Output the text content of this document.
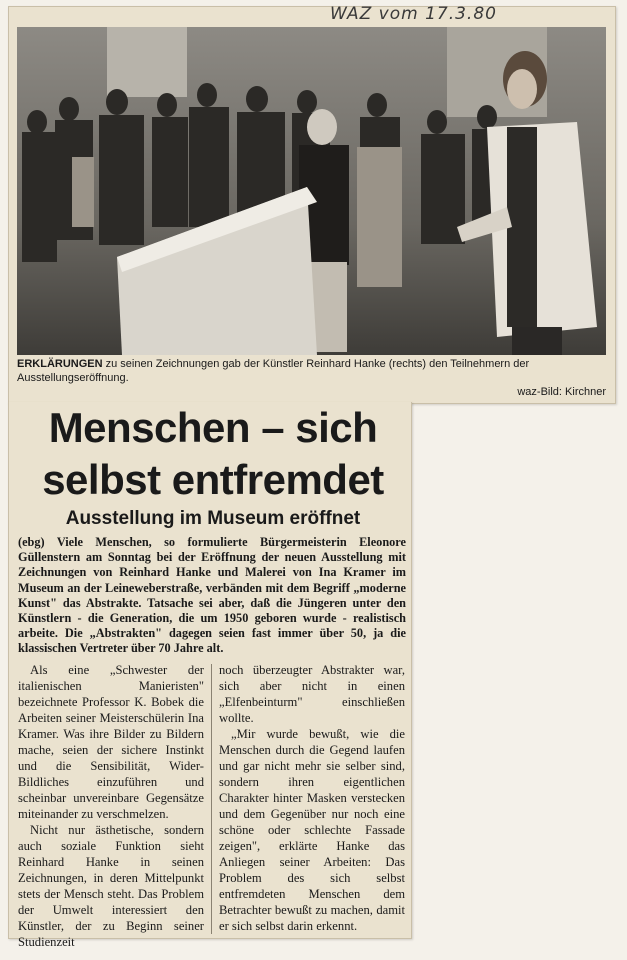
WAZ vom 17.3.80
ERKLÄRUNGEN zu seinen Zeichnungen gab der Künstler Reinhard Hanke (rechts) den Teilnehmern der Ausstellungseröffnung.
waz-Bild: Kirchner
Menschen – sich
selbst entfremdet
Ausstellung im Museum eröffnet
(ebg) Viele Menschen, so formulierte Bürgermeisterin Eleonore Güllenstern am Sonntag bei der Eröffnung der neuen Ausstellung mit Zeichnungen von Reinhard Hanke und Malerei von Ina Kramer im Museum an der Leineweberstraße, verbänden mit dem Begriff „moderne Kunst" das Abstrakte. Tatsache sei aber, daß die Jüngeren unter den Künstlern - die Generation, die um 1950 geboren wurde - realistisch arbeite. Die „Abstrakten" dagegen seien fast immer über 50, ja die klassischen Vertreter über 70 Jahre alt.

Als eine „Schwester der italienischen Manieristen" bezeichnete Professor K. Bobek die Arbeiten seiner Meisterschülerin Ina Kramer. Was ihre Bilder zu Bildern mache, seien der sichere Instinkt und die Sensibilität, Wider-Bildliches einzuführen und scheinbar unvereinbare Gegensätze miteinander zu verschmelzen.

Nicht nur ästhetische, sondern auch soziale Funktion sieht Reinhard Hanke in seinen Zeichnungen, in deren Mittelpunkt stets der Mensch steht. Das Problem der Umwelt interessiert den Künstler, der zu Beginn seiner Studienzeit

noch überzeugter Abstrakter war, sich aber nicht in einen „Elfenbeinturm" einschließen wollte.

„Mir wurde bewußt, wie die Menschen durch die Gegend laufen und gar nicht mehr sie selber sind, sondern ihren eigentlichen Charakter hinter Masken verstecken und dem Gegenüber nur noch eine schöne oder schlechte Fassade zeigen", erklärte Hanke das Anliegen seiner Arbeiten: Das Problem des sich selbst entfremdeten Menschen dem Betrachter bewußt zu machen, damit er sich selbst darin erkennt.
